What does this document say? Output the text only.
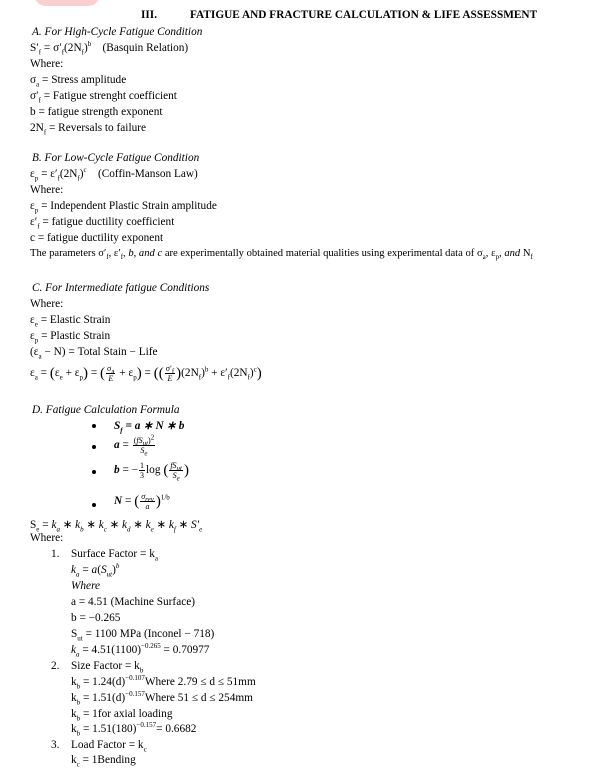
III.	FATIGUE AND FRACTURE CALCULATION & LIFE ASSESSMENT
A. For High-Cycle Fatigue Condition
$S'_f = \sigma'_f(2N_f)^b$ (Basquin Relation)
Where:
$\sigma_a$ = Stress amplitude
$\sigma'_f$ = Fatigue strenght coefficient
b = fatigue strength exponent
$2N_f$ = Reversals to failure
B. For Low-Cycle Fatigue Condition
$\varepsilon_p = \varepsilon'_f(2N_f)^c$ (Coffin-Manson Law)
Where:
$\varepsilon_p$ = Independent Plastic Strain amplitude
$\varepsilon'_f$ = fatigue ductility coefficient
c = fatigue ductility exponent
The parameters $\sigma'_f$, $\varepsilon'_f$, b, and c are experimentally obtained material qualities using experimental data of $\sigma_a$, $\varepsilon_p$, and $N_f$
C. For Intermediate fatigue Conditions
Where:
$\varepsilon_e$ = Elastic Strain
$\varepsilon_p$ = Plastic Strain
$(\varepsilon_a - N)$ = Total Stain − Life
$\varepsilon_a = (\varepsilon_e + \varepsilon_p)$ = ( $\frac{\sigma_a}{E} + \varepsilon_p$) = (( $\frac{\sigma'_f}{E} )(2N_f)^b + \varepsilon'_f(2N_f)^c$)
D. Fatigue Calculation Formula
$S_f = a$ ∗ N ∗ b
$a = \frac{(fS_{ut})^2}{S_e}$
b = − $\frac{1}{3}$ log ( $\frac{fS_{ut}}{S_e}$ )
N = ( $\frac{\sigma_{rev}}{a} )^{1/b}$
$S_e = k_a$ ∗ $k_b$ ∗ $k_c$ ∗ $k_d$ ∗ $k_e$ ∗ $k_f$ ∗ $S'_e$
Where:
1. Surface Factor = $k_a$
$k_a = a(S_{ut})^b$
Where
a = 4.51 (Machine Surface)
b = −0.265
$S_{ut} = 1100$ MPa (Inconel − 718)
$k_a = 4.51(1100)^{-0.265} = 0.70977$
2. Size Factor = $k_b$
$k_b$ = $1.24(d)^{-0.107}Where$ 2.79 ≤ d ≤ 51mm
$k_b$ = $1.51(d)^{-0.157}Where$ 51 ≤ d ≤ 254mm
$k_b = 1for$ axial loading
$k_b = 1.51(180)^{-0.157}= 0.6682$
3. Load Factor = $k_c$
$k_c$ = 1Bending
